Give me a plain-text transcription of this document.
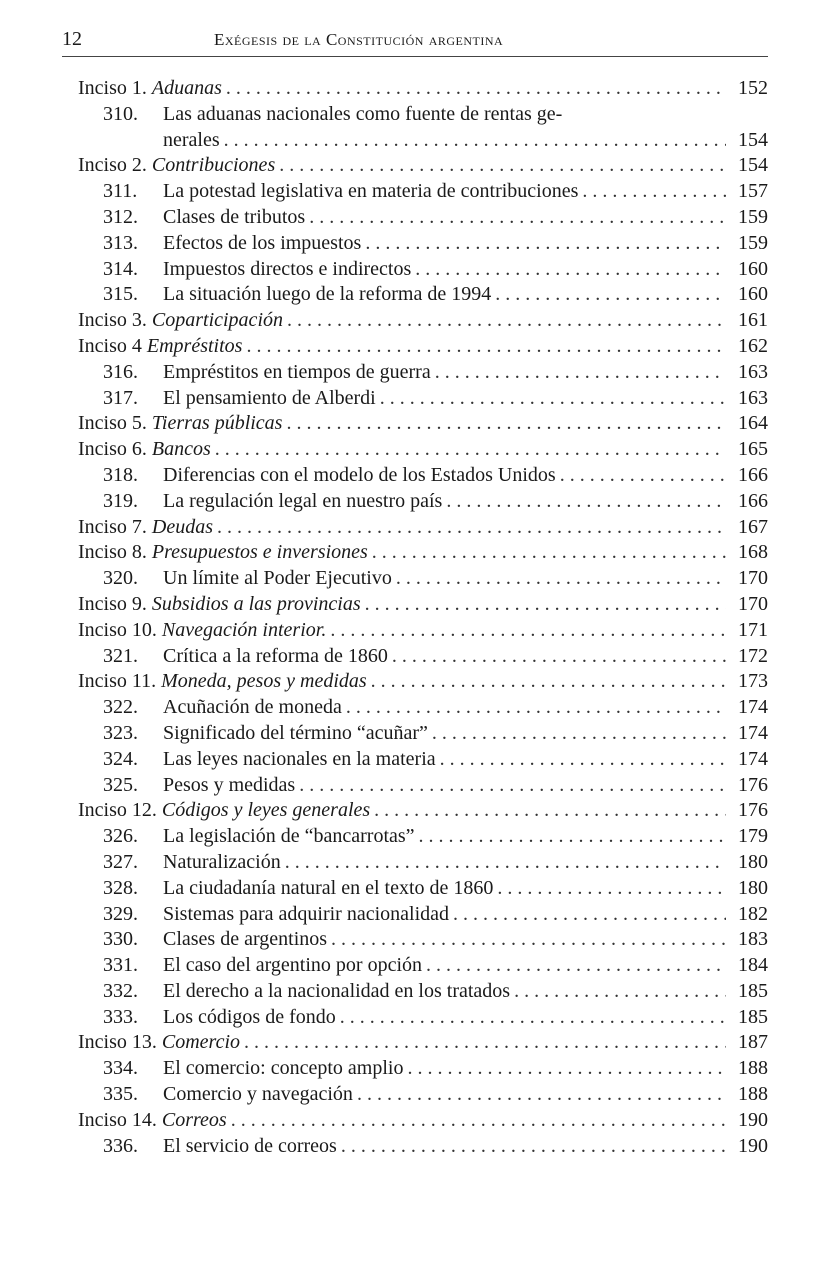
12	Exégesis de la Constitución argentina
Inciso 1. Aduanas . . .	152
310.	Las aduanas nacionales como fuente de rentas ge-
nerales . . .	154
Inciso 2. Contribuciones . . .	154
311.	La potestad legislativa en materia de contribuciones . . .	157
312.	Clases de tributos . . .	159
313.	Efectos de los impuestos . . .	159
314.	Impuestos directos e indirectos . . .	160
315.	La situación luego de la reforma de 1994 . . .	160
Inciso 3. Coparticipación . . .	161
Inciso 4 Empréstitos . . .	162
316.	Empréstitos en tiempos de guerra . . .	163
317.	El pensamiento de Alberdi . . .	163
Inciso 5. Tierras públicas . . .	164
Inciso 6. Bancos . . .	165
318.	Diferencias con el modelo de los Estados Unidos . . .	166
319.	La regulación legal en nuestro país . . .	166
Inciso 7. Deudas . . .	167
Inciso 8. Presupuestos e inversiones . . .	168
320.	Un límite al Poder Ejecutivo . . .	170
Inciso 9. Subsidios a las provincias . . .	170
Inciso 10. Navegación interior. . . .	171
321.	Crítica a la reforma de 1860 . . .	172
Inciso 11. Moneda, pesos y medidas . . .	173
322.	Acuñación de moneda . . .	174
323.	Significado del término “acuñar” . . .	174
324.	Las leyes nacionales en la materia . . .	174
325.	Pesos y medidas . . .	176
Inciso 12. Códigos y leyes generales . . .	176
326.	La legislación de “bancarrotas” . . .	179
327.	Naturalización . . .	180
328.	La ciudadanía natural en el texto de 1860 . . .	180
329.	Sistemas para adquirir nacionalidad . . .	182
330.	Clases de argentinos . . .	183
331.	El caso del argentino por opción . . .	184
332.	El derecho a la nacionalidad en los tratados . . .	185
333.	Los códigos de fondo . . .	185
Inciso 13. Comercio . . .	187
334.	El comercio: concepto amplio . . .	188
335.	Comercio y navegación . . .	188
Inciso 14. Correos . . .	190
336.	El servicio de correos . . .	190
